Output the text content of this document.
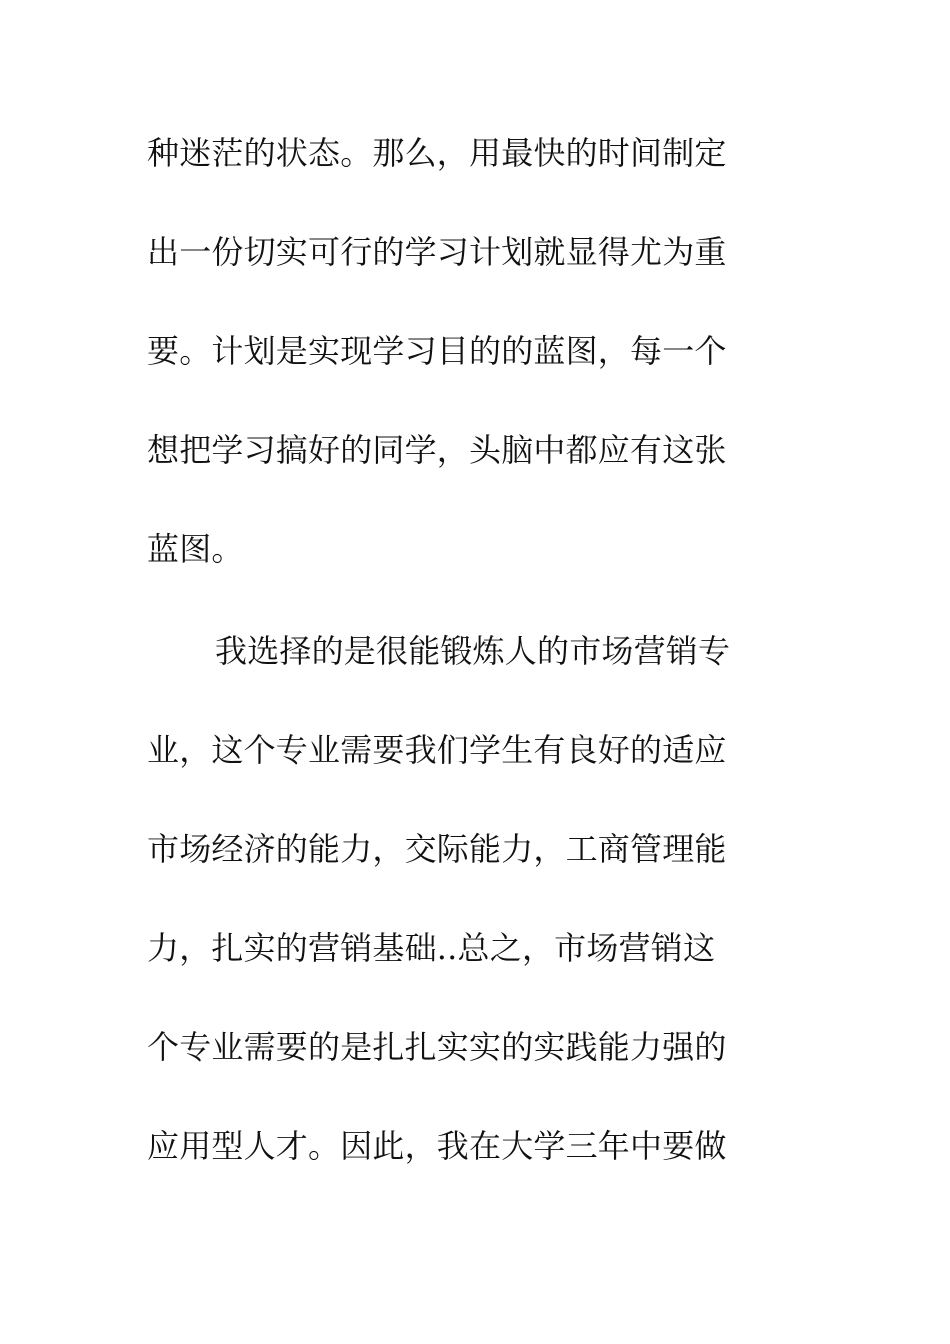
种迷茫的状态。那么，用最快的时间制定
出一份切实可行的学习计划就显得尤为重
要。计划是实现学习目的的蓝图，每一个
想把学习搞好的同学，头脑中都应有这张
蓝图。
我选择的是很能锻炼人的市场营销专
业，这个专业需要我们学生有良好的适应
市场经济的能力，交际能力，工商管理能
力，扎实的营销基础..总之，市场营销这
个专业需要的是扎扎实实的实践能力强的
应用型人才。因此，我在大学三年中要做
